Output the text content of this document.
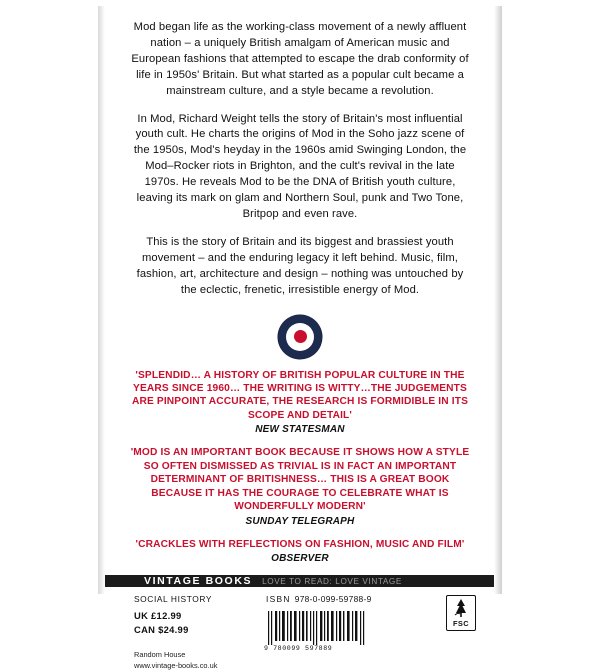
Mod began life as the working-class movement of a newly affluent nation – a uniquely British amalgam of American music and European fashions that attempted to escape the drab conformity of life in 1950s' Britain. But what started as a popular cult became a mainstream culture, and a style became a revolution.

In Mod, Richard Weight tells the story of Britain's most influential youth cult. He charts the origins of Mod in the Soho jazz scene of the 1950s, Mod's heyday in the 1960s amid Swinging London, the Mod–Rocker riots in Brighton, and the cult's revival in the late 1970s. He reveals Mod to be the DNA of British youth culture, leaving its mark on glam and Northern Soul, punk and Two Tone, Britpop and even rave.

This is the story of Britain and its biggest and brassiest youth movement – and the enduring legacy it left behind. Music, film, fashion, art, architecture and design – nothing was untouched by the eclectic, frenetic, irresistible energy of Mod.

'SPLENDID… A HISTORY OF BRITISH POPULAR CULTURE IN THE YEARS SINCE 1960… THE WRITING IS WITTY…THE JUDGEMENTS ARE PINPOINT ACCURATE, THE RESEARCH IS FORMIDIBLE IN ITS SCOPE AND DETAIL'
NEW STATESMAN
'MOD IS AN IMPORTANT BOOK BECAUSE IT SHOWS HOW A STYLE SO OFTEN DISMISSED AS TRIVIAL IS IN FACT AN IMPORTANT DETERMINANT OF BRITISHNESS… THIS IS A GREAT BOOK BECAUSE IT HAS THE COURAGE TO CELEBRATE WHAT IS WONDERFULLY MODERN'
SUNDAY TELEGRAPH
'CRACKLES WITH REFLECTIONS ON FASHION, MUSIC AND FILM'
OBSERVER
VINTAGE BOOKS LOVE TO READ: LOVE VINTAGE
SOCIAL HISTORY
UK £12.99
CAN $24.99
Random House
www.vintage-books.co.uk
ISBN 978-0-099-59788-9
9 780099 597889
FSC
